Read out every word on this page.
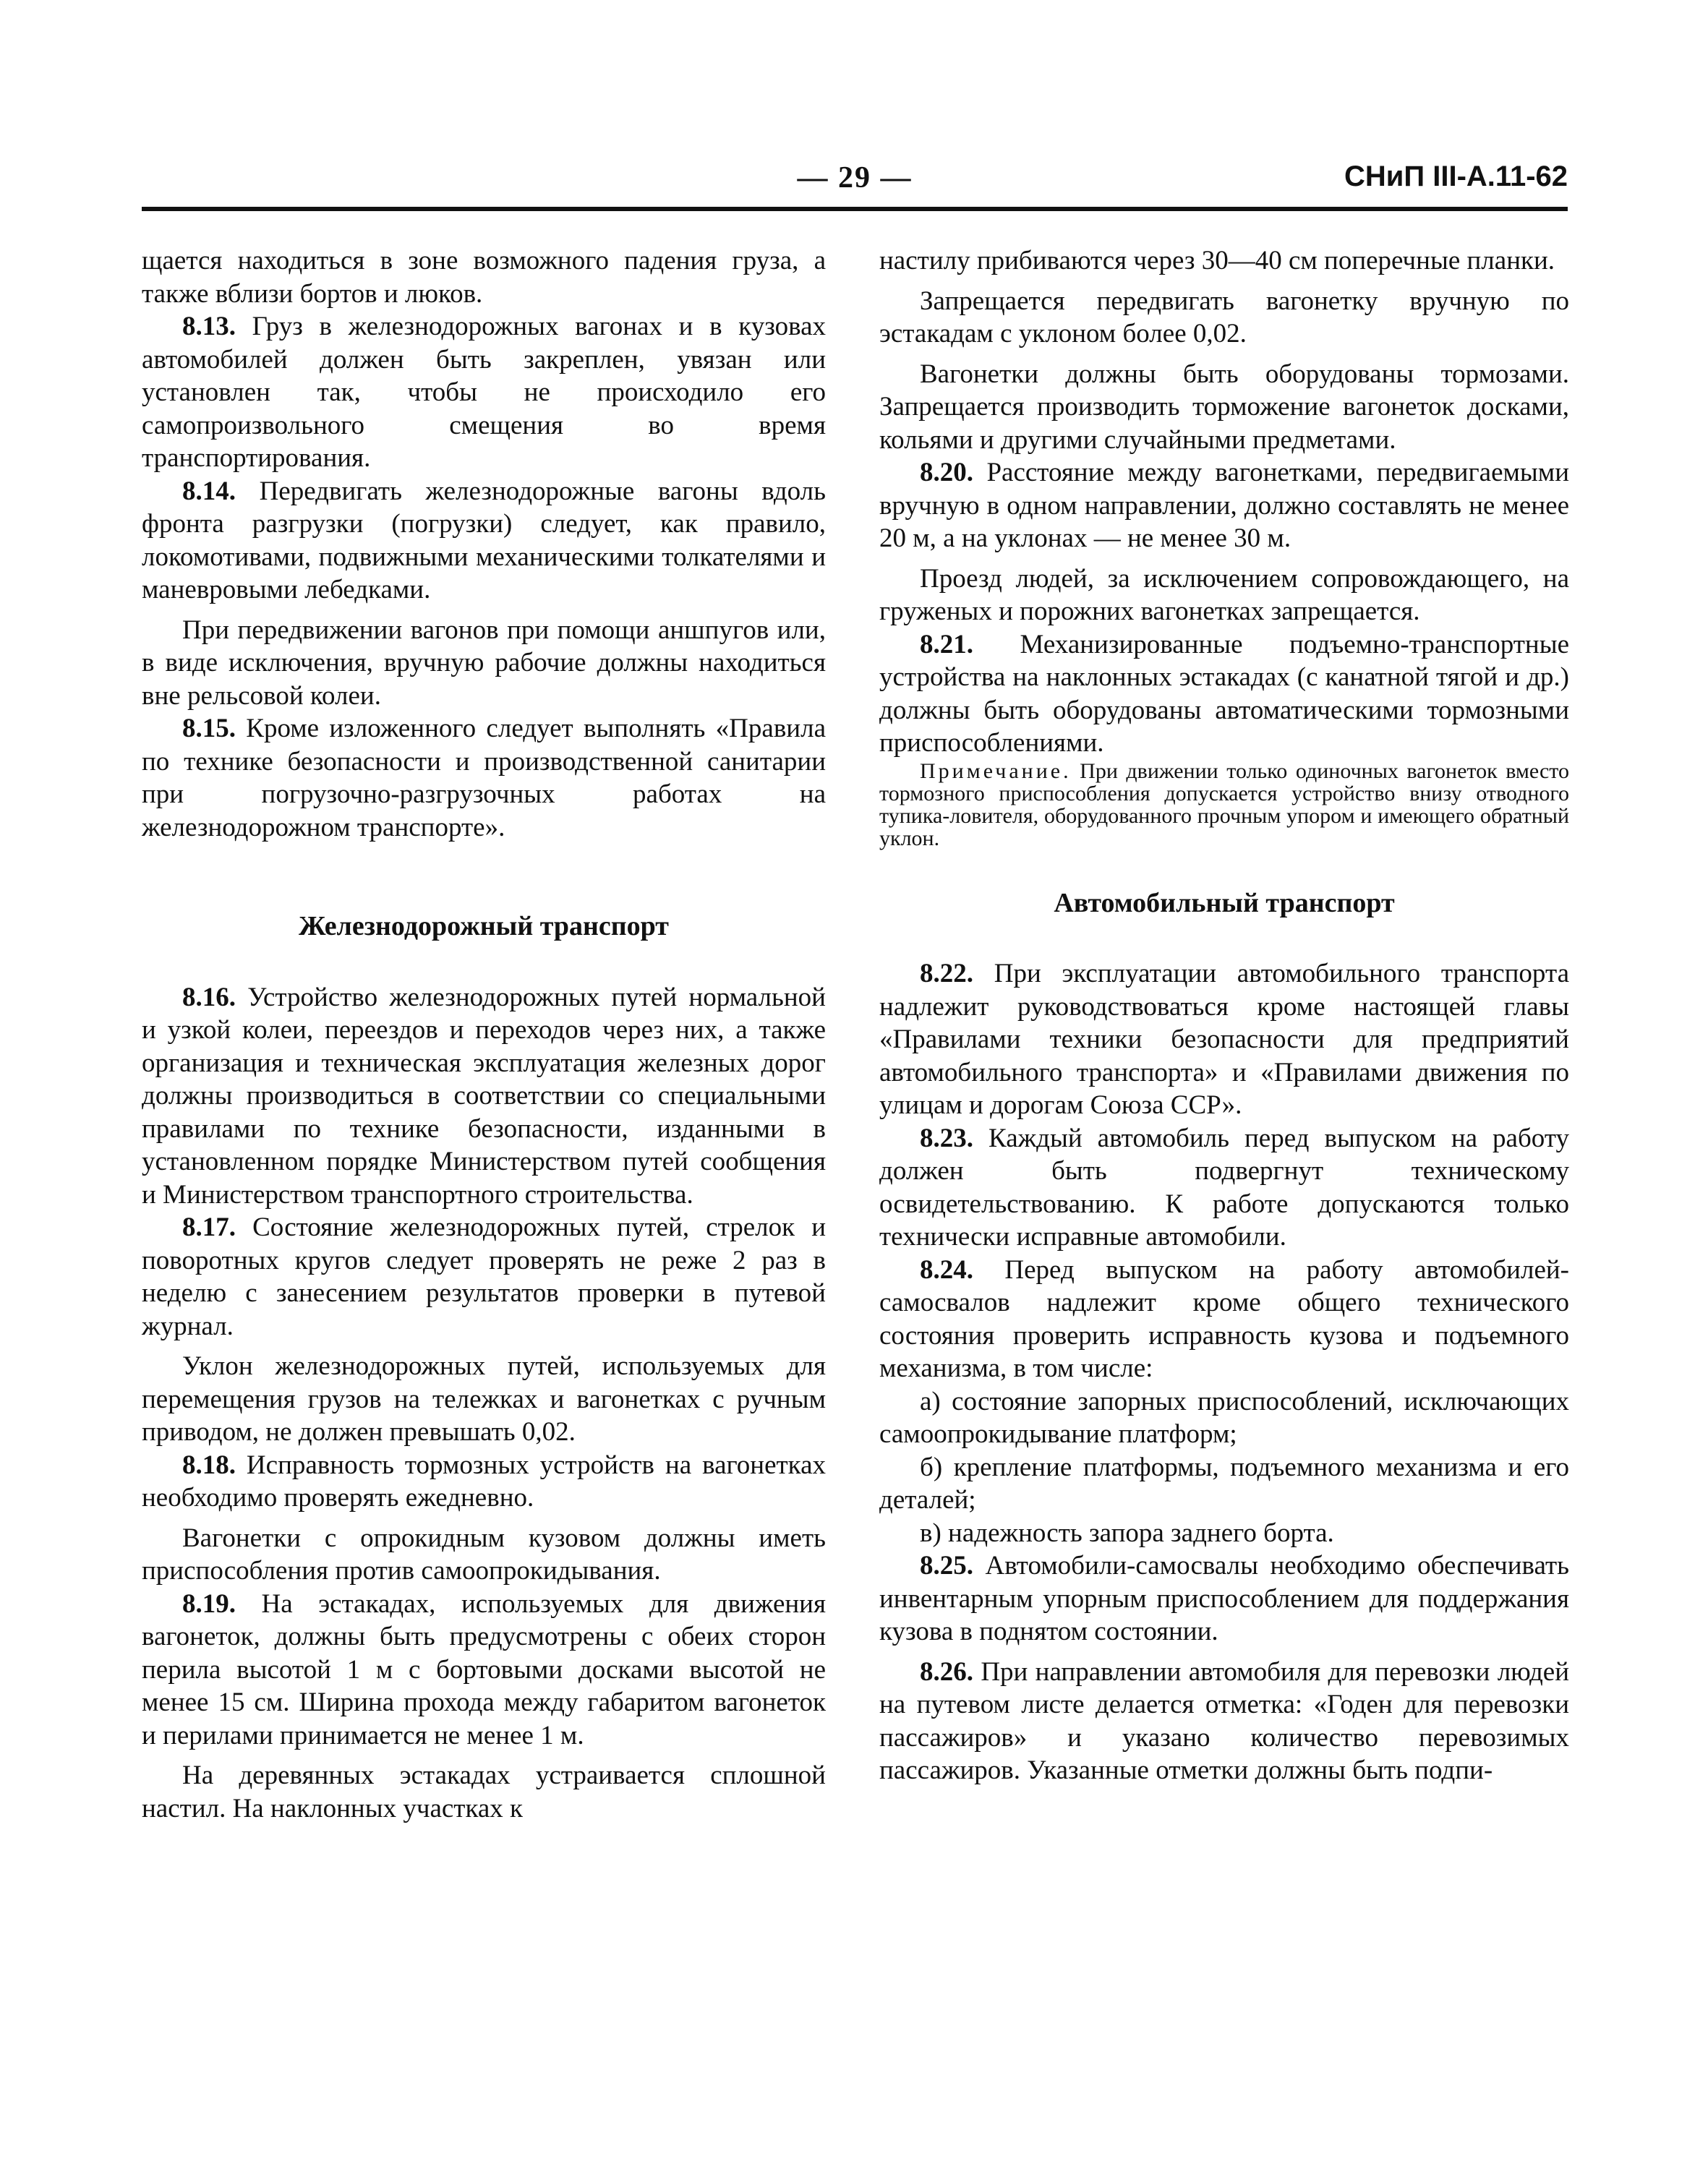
— 29 —	СНиП III-А.11-62

щается находиться в зоне возможного падения груза, а также вблизи бортов и люков.

8.13. Груз в железнодорожных вагонах и в кузовах автомобилей должен быть закреплен, увязан или установлен так, чтобы не происходило его самопроизвольного смещения во время транспортирования.

8.14. Передвигать железнодорожные вагоны вдоль фронта разгрузки (погрузки) следует, как правило, локомотивами, подвижными механическими толкателями и маневровыми лебедками.

При передвижении вагонов при помощи аншпугов или, в виде исключения, вручную рабочие должны находиться вне рельсовой колеи.

8.15. Кроме изложенного следует выполнять «Правила по технике безопасности и производственной санитарии при погрузочно-разгрузочных работах на железнодорожном транспорте».

Железнодорожный транспорт

8.16. Устройство железнодорожных путей нормальной и узкой колеи, переездов и переходов через них, а также организация и техническая эксплуатация железных дорог должны производиться в соответствии со специальными правилами по технике безопасности, изданными в установленном порядке Министерством путей сообщения и Министерством транспортного строительства.

8.17. Состояние железнодорожных путей, стрелок и поворотных кругов следует проверять не реже 2 раз в неделю с занесением результатов проверки в путевой журнал.

Уклон железнодорожных путей, используемых для перемещения грузов на тележках и вагонетках с ручным приводом, не должен превышать 0,02.

8.18. Исправность тормозных устройств на вагонетках необходимо проверять ежедневно.

Вагонетки с опрокидным кузовом должны иметь приспособления против самоопрокидывания.

8.19. На эстакадах, используемых для движения вагонеток, должны быть предусмотрены с обеих сторон перила высотой 1 м с бортовыми досками высотой не менее 15 см. Ширина прохода между габаритом вагонеток и перилами принимается не менее 1 м.

На деревянных эстакадах устраивается сплошной настил. На наклонных участках к

настилу прибиваются через 30—40 см поперечные планки.

Запрещается передвигать вагонетку вручную по эстакадам с уклоном более 0,02.

Вагонетки должны быть оборудованы тормозами. Запрещается производить торможение вагонеток досками, кольями и другими случайными предметами.

8.20. Расстояние между вагонетками, передвигаемыми вручную в одном направлении, должно составлять не менее 20 м, а на уклонах — не менее 30 м.

Проезд людей, за исключением сопровождающего, на груженых и порожних вагонетках запрещается.

8.21. Механизированные подъемно-транспортные устройства на наклонных эстакадах (с канатной тягой и др.) должны быть оборудованы автоматическими тормозными приспособлениями.

Примечание. При движении только одиночных вагонеток вместо тормозного приспособления допускается устройство внизу отводного тупика-ловителя, оборудованного прочным упором и имеющего обратный уклон.

Автомобильный транспорт

8.22. При эксплуатации автомобильного транспорта надлежит руководствоваться кроме настоящей главы «Правилами техники безопасности для предприятий автомобильного транспорта» и «Правилами движения по улицам и дорогам Союза ССР».

8.23. Каждый автомобиль перед выпуском на работу должен быть подвергнут техническому освидетельствованию. К работе допускаются только технически исправные автомобили.

8.24. Перед выпуском на работу автомобилей-самосвалов надлежит кроме общего технического состояния проверить исправность кузова и подъемного механизма, в том числе:

а) состояние запорных приспособлений, исключающих самоопрокидывание платформ;

б) крепление платформы, подъемного механизма и его деталей;

в) надежность запора заднего борта.

8.25. Автомобили-самосвалы необходимо обеспечивать инвентарным упорным приспособлением для поддержания кузова в поднятом состоянии.

8.26. При направлении автомобиля для перевозки людей на путевом листе делается отметка: «Годен для перевозки пассажиров» и указано количество перевозимых пассажиров. Указанные отметки должны быть подпи-
